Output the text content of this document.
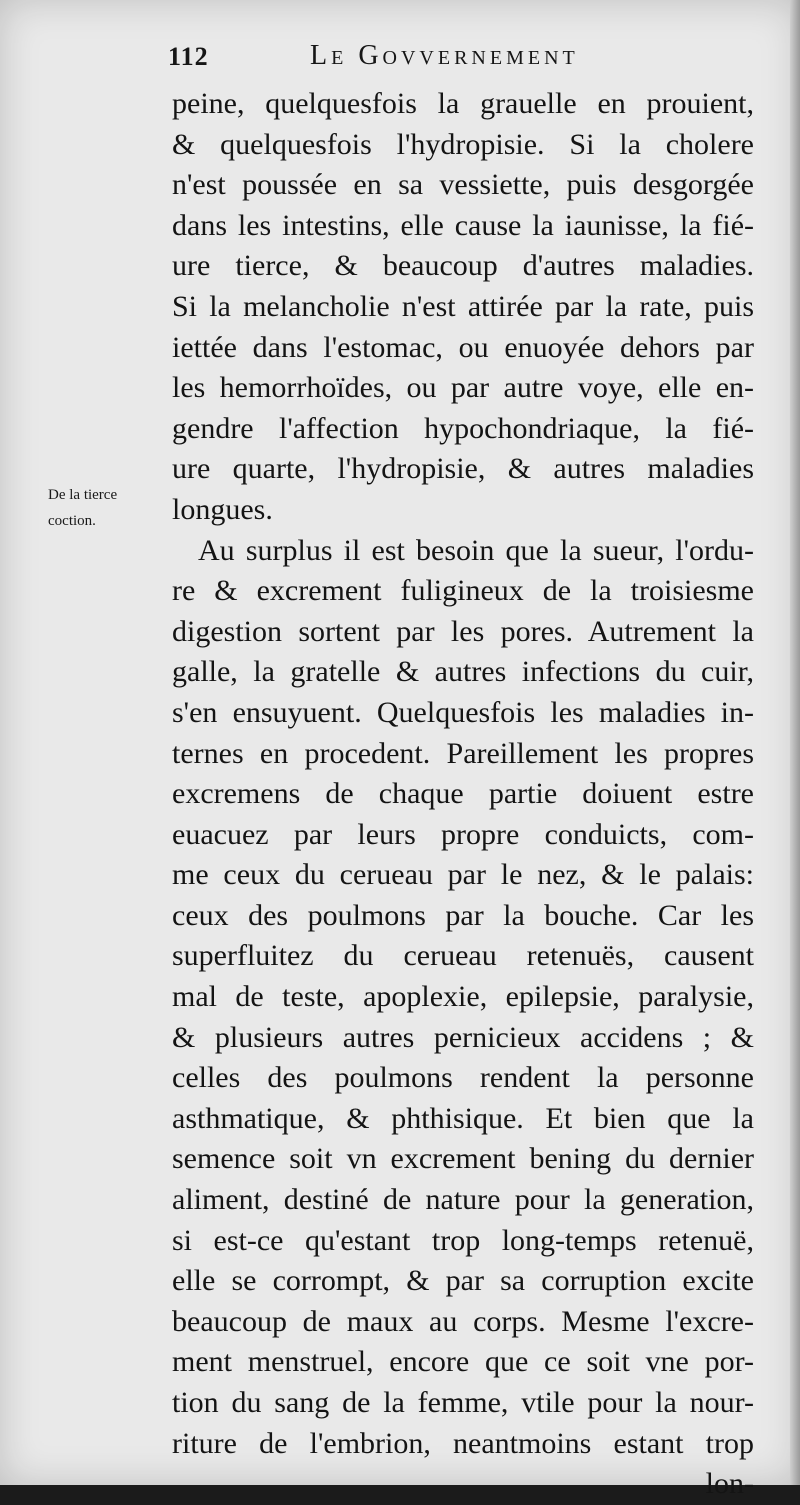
112	Le Govvernement
De la tierce
coction.
peine, quelquesfois la grauelle en prouient,
& quelquesfois l'hydropisie. Si la cholere
n'est poussée en sa vessiette, puis desgorgée
dans les intestins, elle cause la iaunisse, la fié-
ure tierce, & beaucoup d'autres maladies.
Si la melancholie n'est attirée par la rate, puis
iettée dans l'estomac, ou enuoyée dehors par
les hemorrhoïdes, ou par autre voye, elle en-
gendre l'affection hypochondriaque, la fié-
ure quarte, l'hydropisie, & autres maladies
longues.
Au surplus il est besoin que la sueur, l'ordu-
re & excrement fuligineux de la troisiesme
digestion sortent par les pores. Autrement la
galle, la gratelle & autres infections du cuir,
s'en ensuyuent. Quelquesfois les maladies in-
ternes en procedent. Pareillement les propres
excremens de chaque partie doiuent estre
euacuez par leurs propre conduicts, com-
me ceux du cerueau par le nez, & le palais:
ceux des poulmons par la bouche. Car les
superfluitez du cerueau retenuës, causent
mal de teste, apoplexie, epilepsie, paralysie,
& plusieurs autres pernicieux accidens ; &
celles des poulmons rendent la personne
asthmatique, & phthisique. Et bien que la
semence soit vn excrement bening du dernier
aliment, destiné de nature pour la generation,
si est-ce qu'estant trop long-temps retenuë,
elle se corrompt, & par sa corruption excite
beaucoup de maux au corps. Mesme l'excre-
ment menstruel, encore que ce soit vne por-
tion du sang de la femme, vtile pour la nour-
riture de l'embrion, neantmoins estant trop
lon-
